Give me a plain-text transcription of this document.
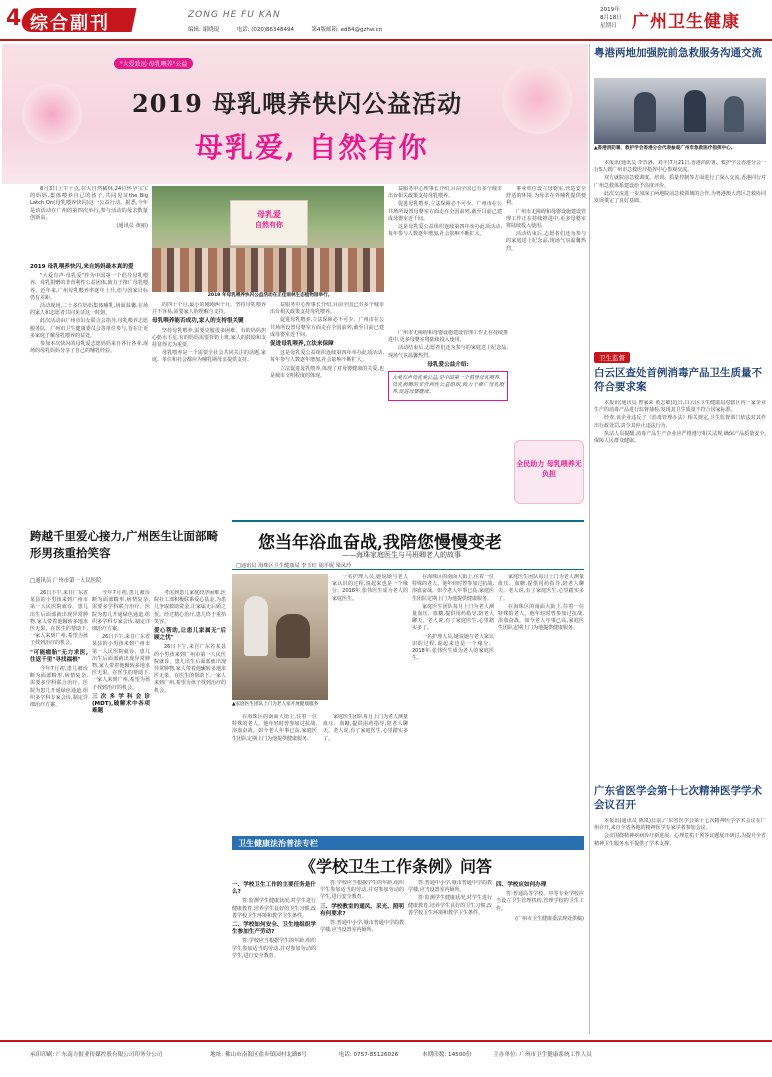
4 综合副刊	ZONG HE FU KAN
编辑: 谢晓琨	电话: (020)86348494	第4版邮箱: ed84@gzhw.cn
2019年
8月18日
星期日 广州卫生健康
"大爱致远·母乳喂养"公益
2019 母乳喂养快闪公益活动
母乳爱, 自然有你

8月3日上午十点,在大自然稀林,24位怀孕宝宝的妈妈,集体喂养自己的孩子,共同见证the Big Latch On(母乳喂养快闪)这一公益行动。据悉,今年是该活动在广州的第四次举行,参与活动的母亲数量创新高。

(通讯员 黄丽)
母乳爱
自然有你
2019 年母乳喂养快闪公益活动在正佳雨林生态植物园举行。
2019 母乳喂养快闪,来自妈妈最本真的爱

"大爱有声·母乳爱"作为中国第一个倡导母乳喂养、母乳捐赠的非营利性公益团体,致力于推广母乳喂养。近年来,广州母乳喂养率逐年上升,但与国家目标仍有差距。

活动现场,二十多位妈妈集体哺乳,场面温馨,在场的家人和志愿者共同见证这一时刻。

此次活动由广州市妇女联合会指导,母乳喂养志愿服务队、广州市卫生健康委员会等单位参与,旨在让更多家庭了解母乳喂养的益处。

参加本次快闪的母乳爱志愿妈妈来自各行各业,现场的母乳妈妈分享了自己的哺乳经验。

的四十个月,最小的刚刚两个月。坚持母乳喂养并不容易,需要家人的理解与支持。

母乳喂养能否成功,家人的支持很关键

坚持母乳喂养,需要克服很多困难。有的妈妈担心奶水不足,有的妈妈需要背奶上班,家人的鼓励和支持显得尤为重要。

母乳喂养是一个需要全社会共同关注的话题,家庭、单位和社会都应为哺乳期母亲提供支持。

益服务中心理事长介绍,目前全国已有多个城市出台相关政策支持母乳喂养。

促进母乳喂养,立法保障必不可少。广州市在公共场所设置母婴室方面走在全国前列,截至目前已建成母婴室近千间。

促进母乳喂养,立法来保障

这是母乳爱公益组织连续第四年举办此项活动,每年参与人数逐年增加,社会影响不断扩大。

立法促进母乳喂养,体现了对母婴健康的关爱,也是城市文明程度的体现。

益服务中心理事长介绍,目前全国已有多个城市出台相关政策支持母乳喂养。

促进母乳喂养,立法保障必不可少。广州市在公共场所设置母婴室方面走在全国前列,截至目前已建成母婴室近千间。

这是母乳爱公益组织连续第四年举办此项活动,每年参与人数逐年增加,社会影响不断扩大。

事业单位设立母婴室,营造安全舒适的环境,为母亲在外哺乳提供便利。

广州市无障碍和母婴设施建设管理工作正在持续推进中,更多母婴室将陆续投入使用。

活动结束后,志愿者们还为参与的家庭送上纪念品,现场气氛温馨热烈。

广州市无障碍和母婴设施建设管理工作正在持续推进中,更多母婴室将陆续投入使用。

活动结束后,志愿者们还为参与的家庭送上纪念品,现场气氛温馨热烈。

母乳爱公益介绍:
大爱有声母乳爱公益,是中国第一个倡导母乳喂养、母乳捐赠的非营利性公益组织,致力于推广母乳喂养,促进母婴健康。
全民助力 母乳喂养无负担
粤港两地加强院前急救服务沟通交流
▲香港消防署、救护学会香港分会代表参观广州市急救医疗指挥中心。

本报讯(通讯员 李晋洛、刘丰)7月21日,香港消防署、救护学会香港分会一行5人到广州市急救医疗指挥中心参观交流。

双方就院前急救调度、培训、质量控制等方面进行了深入交流,香港同行对广州急救体系建设给予高度评价。

此次交流进一步加深了两地院前急救领域的合作,为粤港澳大湾区急救协同发展奠定了良好基础。

卫生监督
白云区查处首例消毒产品卫生质量不符合要求案

本报讯(通讯员 曾家荣 黄志敏)近日,白云区卫生健康局对辖区内一家企业生产的消毒产品进行监督抽检,发现其卫生质量不符合国家标准。

经查,该企业违反了《消毒管理办法》相关规定,卫生监督部门依法对其作出行政处罚,责令其停止违法行为。

执法人员提醒,消毒产品生产企业应严格遵守相关法规,确保产品质量安全,保障人民群众健康。

广东省医学会第十七次精神医学学术会议召开

本报讯(通讯员 陈岚)日前,广东省医学会第十七次精神医学学术会议在广州召开,来自全省各地的精神医学专家学者参加会议。

会议围绕精神疾病诊疗新进展、心理危机干预等议题展开研讨,为提升全省精神卫生服务水平提供了学术支撑。

跨越千里爱心接力,广州医生让面部畸形男孩重拾笑容
□通讯员 广州市第一人民医院

26日下午,来自广东省某县的小男孩来到广州市第一人民医院就诊。患儿出生后面部就出现异常肿物,家人带着他辗转多地求医无果。在医生的帮助下,一家人来到广州,希望为孩子找到治疗的机会。

"可能瘤胎"无力求医,往返千里"寻找福根"

今年7月初,患儿被诊断为面部畸形,病情复杂,需要多学科联合治疗。医院为患儿开通绿色通道,组织多学科专家会诊,制定详细治疗方案。

今年7月初,患儿被诊断为面部畸形,病情复杂,需要多学科联合治疗。医院为患儿开通绿色通道,组织多学科专家会诊,制定详细治疗方案。

26日下午,来自广东省某县的小男孩来到广州市第一人民医院就诊。患儿出生后面部就出现异常肿物,家人带着他辗转多地求医无果。在医生的帮助下,一家人来到广州,希望为孩子找到治疗的机会。

三次多学科会诊(MDT),破解术中各项难题

考虑到患儿家庭经济困难,医院社工部积极联系爱心基金,为患儿争取救助资金,让家属无后顾之忧。经过精心治疗,患儿终于重拾笑容。

爱心帮助,让患儿家属无"后顾之忧"

26日下午,来自广东省某县的小男孩来到广州市第一人民医院就诊。患儿出生后面部就出现异常肿物,家人带着他辗转多地求医无果。在医生的帮助下,一家人来到广州,希望为孩子找到治疗的机会。

您当年浴血奋战,我陪您慢慢变老
——海珠家庭医生与马班卿老人的故事
□通讯员 海珠区卫生健康局 李玉红 胡平妮 梁凤玲
▲家庭医生团队上门为老人家开展健康服务

一名护理人员,她说她与老人家认识的过程,说起来也是一个缘分。2018年,张伟医生成为老人的家庭医生。

在海珠区的南面大街上,住着一位特殊的老人。他年轻时曾参加过抗战,浴血奋战。如今老人年事已高,家庭医生团队定期上门为他提供健康服务。

家庭医生团队每月上门为老人测量血压、血糖,提供用药指导,陪老人聊天。老人说,有了家庭医生,心里踏实多了。

在海珠区的南面大街上,住着一位特殊的老人。他年轻时曾参加过抗战,浴血奋战。如今老人年事已高,家庭医生团队定期上门为他提供健康服务。

家庭医生团队每月上门为老人测量血压、血糖,提供用药指导,陪老人聊天。老人说,有了家庭医生,心里踏实多了。

一名护理人员,她说她与老人家认识的过程,说起来也是一个缘分。2018年,张伟医生成为老人的家庭医生。

家庭医生团队每月上门为老人测量血压、血糖,提供用药指导,陪老人聊天。老人说,有了家庭医生,心里踏实多了。

在海珠区的南面大街上,住着一位特殊的老人。他年轻时曾参加过抗战,浴血奋战。如今老人年事已高,家庭医生团队定期上门为他提供健康服务。

卫生健康法治普法专栏
《学校卫生工作条例》问答
一、学校卫生工作的主要任务是什么?

答:监测学生健康状况,对学生进行健康教育,培养学生良好的卫生习惯,改善学校卫生环境和教学卫生条件。

二、学校如何安全、卫生地组织学生参加生产劳动?

答:学校应当根据学生的年龄,组织学生参加适当的劳动,并对参加劳动的学生,进行安全教育。

答:学校应当根据学生的年龄,组织学生参加适当的劳动,并对参加劳动的学生,进行安全教育。

三、学校教室的通风、采光、照明有何要求?

答:普通中小学,城市普通中学的教学楼,应当设置室内厕所。

答:普通中小学,城市普通中学的教学楼,应当设置室内厕所。

答:监测学生健康状况,对学生进行健康教育,培养学生良好的卫生习惯,改善学校卫生环境和教学卫生条件。

四、学校应如何办理

答:普通高等学校、中等专业学校应当设立卫生管理机构,管理学校的卫生工作。

(广州市卫生健康委法规处供稿)
承印印刷: 广东南方报业传媒控股有限公司印务分公司	地址: 佛山市南海区盐步镇园村北路8号	电话: 0757-85126026	本期印数: 14500份	主办单位: 广州市卫生健康系统工作人员
